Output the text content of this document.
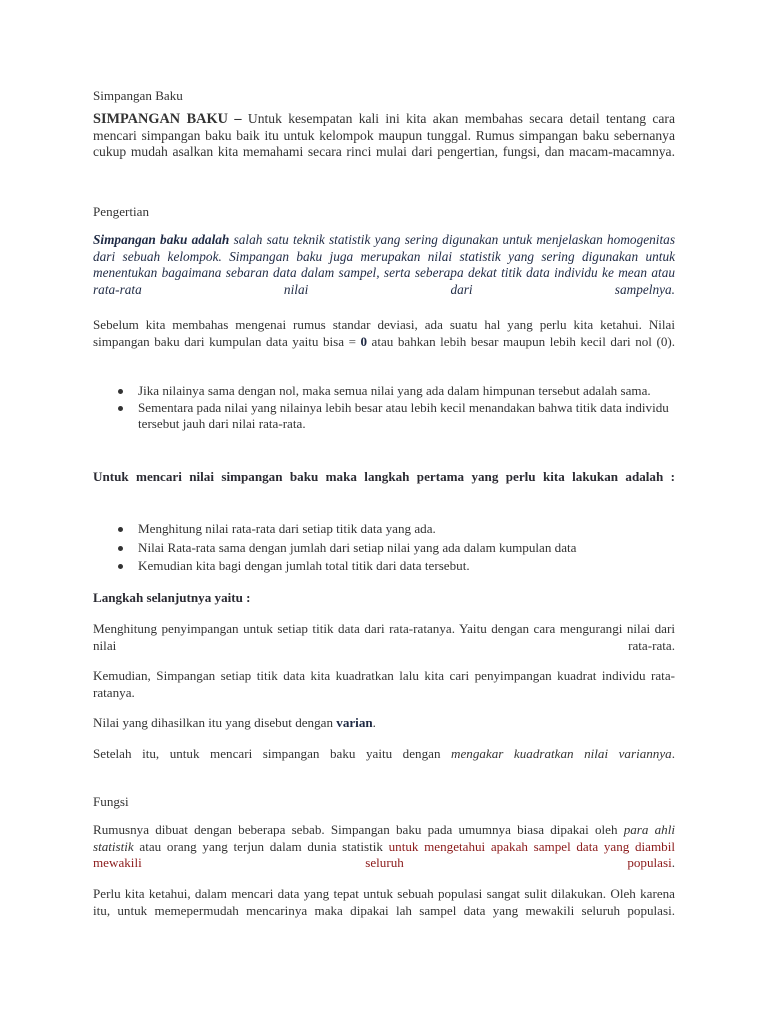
Simpangan Baku
SIMPANGAN BAKU – Untuk kesempatan kali ini kita akan membahas secara detail tentang cara mencari simpangan baku baik itu untuk kelompok maupun tunggal. Rumus simpangan baku sebernanya cukup mudah asalkan kita memahami secara rinci mulai dari pengertian, fungsi, dan macam-macamnya.
Pengertian
Simpangan baku adalah salah satu teknik statistik yang sering digunakan untuk menjelaskan homogenitas dari sebuah kelompok. Simpangan baku juga merupakan nilai statistik yang sering digunakan untuk menentukan bagaimana sebaran data dalam sampel, serta seberapa dekat titik data individu ke mean atau rata-rata nilai dari sampelnya.
Sebelum kita membahas mengenai rumus standar deviasi, ada suatu hal yang perlu kita ketahui. Nilai simpangan baku dari kumpulan data yaitu bisa = 0 atau bahkan lebih besar maupun lebih kecil dari nol (0).
Jika nilainya sama dengan nol, maka semua nilai yang ada dalam himpunan tersebut adalah sama.
Sementara pada nilai yang nilainya lebih besar atau lebih kecil menandakan bahwa titik data individu tersebut jauh dari nilai rata-rata.
Untuk mencari nilai simpangan baku maka langkah pertama yang perlu kita lakukan adalah :
Menghitung nilai rata-rata dari setiap titik data yang ada.
Nilai Rata-rata sama dengan jumlah dari setiap nilai yang ada dalam kumpulan data
Kemudian kita bagi dengan jumlah total titik dari data tersebut.
Langkah selanjutnya yaitu :
Menghitung penyimpangan untuk setiap titik data dari rata-ratanya. Yaitu dengan cara mengurangi nilai dari nilai rata-rata.
Kemudian, Simpangan setiap titik data kita kuadratkan lalu kita cari penyimpangan kuadrat individu rata-ratanya.
Nilai yang dihasilkan itu yang disebut dengan varian.
Setelah itu, untuk mencari simpangan baku yaitu dengan mengakar kuadratkan nilai variannya.
Fungsi
Rumusnya dibuat dengan beberapa sebab. Simpangan baku pada umumnya biasa dipakai oleh para ahli statistik atau orang yang terjun dalam dunia statistik untuk mengetahui apakah sampel data yang diambil mewakili seluruh populasi.
Perlu kita ketahui, dalam mencari data yang tepat untuk sebuah populasi sangat sulit dilakukan. Oleh karena itu, untuk memepermudah mencarinya maka dipakai lah sampel data yang mewakili seluruh populasi.
